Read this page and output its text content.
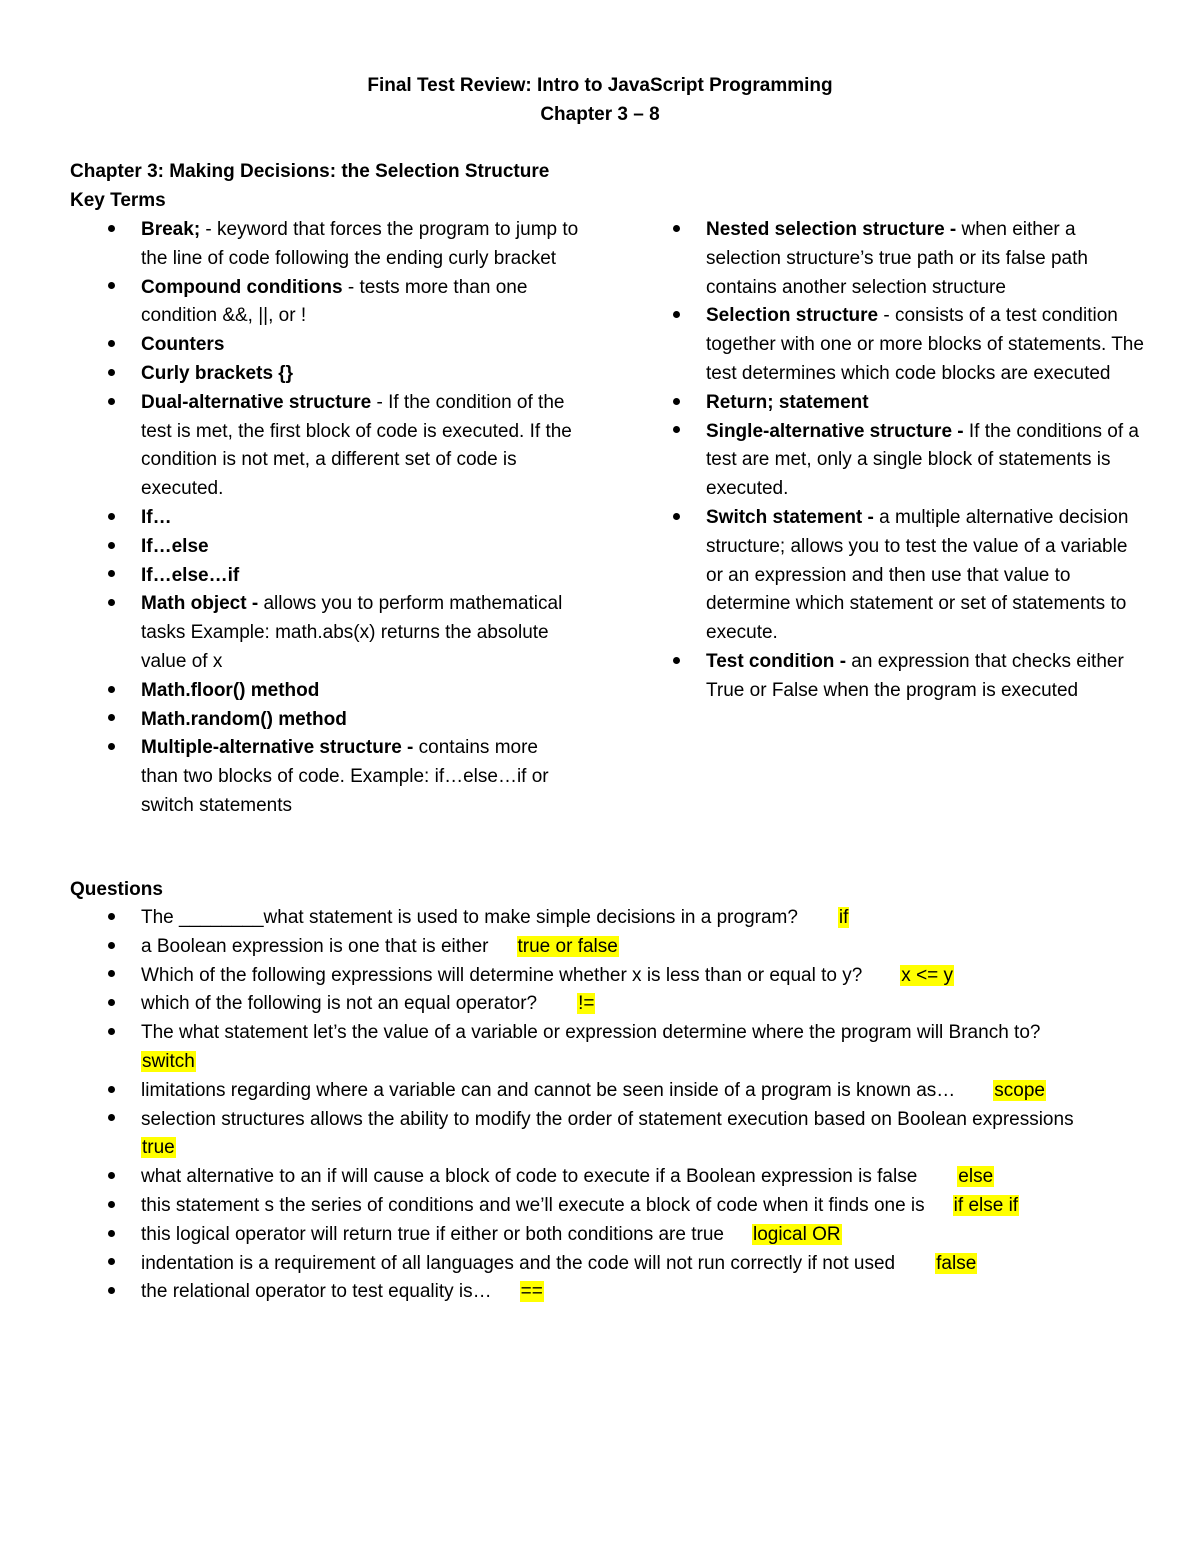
Final Test Review: Intro to JavaScript Programming
Chapter 3 – 8
Chapter 3: Making Decisions: the Selection Structure
Key Terms
Break; - keyword that forces the program to jump to the line of code following the ending curly bracket
Compound conditions - tests more than one condition &&, ||, or !
Counters
Curly brackets {}
Dual-alternative structure - If the condition of the test is met, the first block of code is executed. If the condition is not met, a different set of code is executed.
If…
If…else
If…else…if
Math object - allows you to perform mathematical tasks Example: math.abs(x) returns the absolute value of x
Math.floor() method
Math.random() method
Multiple-alternative structure - contains more than two blocks of code. Example: if…else…if or switch statements
Nested selection structure - when either a selection structure’s true path or its false path contains another selection structure
Selection structure - consists of a test condition together with one or more blocks of statements. The test determines which code blocks are executed
Return; statement
Single-alternative structure - If the conditions of a test are met, only a single block of statements is executed.
Switch statement - a multiple alternative decision structure; allows you to test the value of a variable or an expression and then use that value to determine which statement or set of statements to execute.
Test condition - an expression that checks either True or False when the program is executed
Questions
The ________what statement is used to make simple decisions in a program? if
a Boolean expression is one that is either true or false
Which of the following expressions will determine whether x is less than or equal to y? x <= y
which of the following is not an equal operator? !=
The what statement let’s the value of a variable or expression determine where the program will Branch to?switch
limitations regarding where a variable can and cannot be seen inside of a program is known as… scope
selection structures allows the ability to modify the order of statement execution based on Boolean expressionstrue
what alternative to an if will cause a block of code to execute if a Boolean expression is false else
this statement s the series of conditions and we’ll execute a block of code when it finds one is if else if
this logical operator will return true if either or both conditions are true logical OR
indentation is a requirement of all languages and the code will not run correctly if not used false
the relational operator to test equality is… ==
